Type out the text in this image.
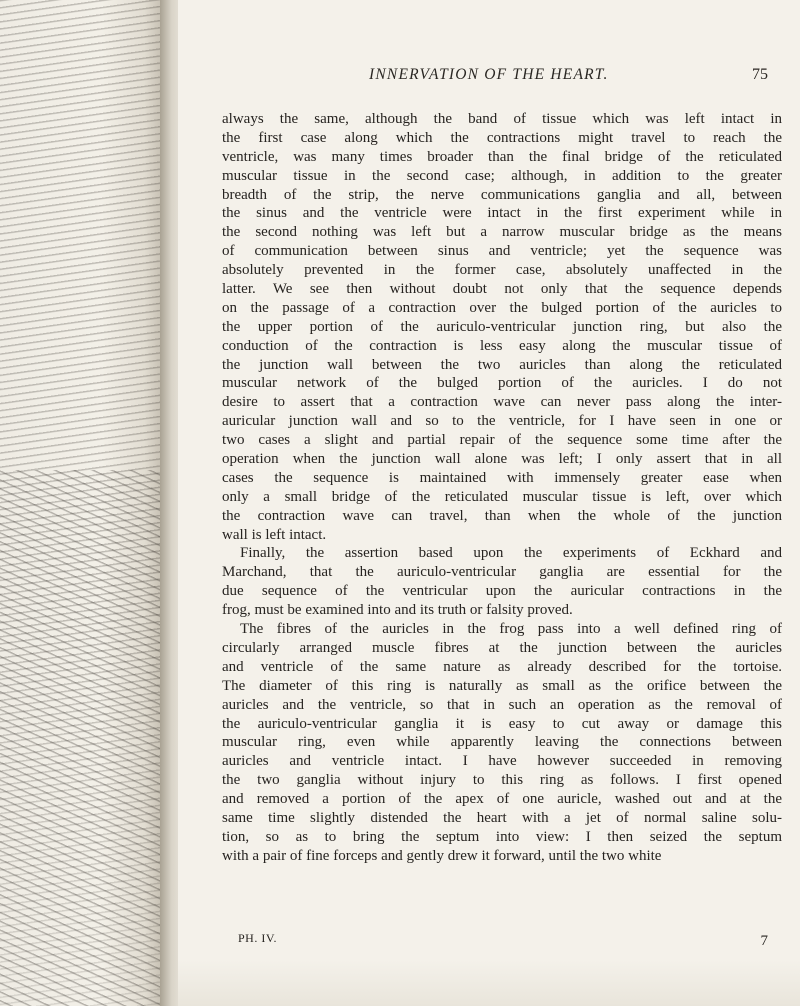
INNERVATION OF THE HEART.	75
always the same, although the band of tissue which was left intact in
the first case along which the contractions might travel to reach the
ventricle, was many times broader than the final bridge of the reticulated
muscular tissue in the second case; although, in addition to the greater
breadth of the strip, the nerve communications ganglia and all, between
the sinus and the ventricle were intact in the first experiment while in
the second nothing was left but a narrow muscular bridge as the means
of communication between sinus and ventricle; yet the sequence was
absolutely prevented in the former case, absolutely unaffected in the
latter. We see then without doubt not only that the sequence depends
on the passage of a contraction over the bulged portion of the auricles to
the upper portion of the auriculo-ventricular junction ring, but also the
conduction of the contraction is less easy along the muscular tissue of
the junction wall between the two auricles than along the reticulated
muscular network of the bulged portion of the auricles. I do not
desire to assert that a contraction wave can never pass along the inter-
auricular junction wall and so to the ventricle, for I have seen in one or
two cases a slight and partial repair of the sequence some time after the
operation when the junction wall alone was left; I only assert that in all
cases the sequence is maintained with immensely greater ease when
only a small bridge of the reticulated muscular tissue is left, over which
the contraction wave can travel, than when the whole of the junction
wall is left intact.
Finally, the assertion based upon the experiments of Eckhard and
Marchand, that the auriculo-ventricular ganglia are essential for the
due sequence of the ventricular upon the auricular contractions in the
frog, must be examined into and its truth or falsity proved.
The fibres of the auricles in the frog pass into a well defined ring of
circularly arranged muscle fibres at the junction between the auricles
and ventricle of the same nature as already described for the tortoise.
The diameter of this ring is naturally as small as the orifice between the
auricles and the ventricle, so that in such an operation as the removal of
the auriculo-ventricular ganglia it is easy to cut away or damage this
muscular ring, even while apparently leaving the connections between
auricles and ventricle intact. I have however succeeded in removing
the two ganglia without injury to this ring as follows. I first opened
and removed a portion of the apex of one auricle, washed out and at the
same time slightly distended the heart with a jet of normal saline solu-
tion, so as to bring the septum into view: I then seized the septum
with a pair of fine forceps and gently drew it forward, until the two white
PH. IV.	7
